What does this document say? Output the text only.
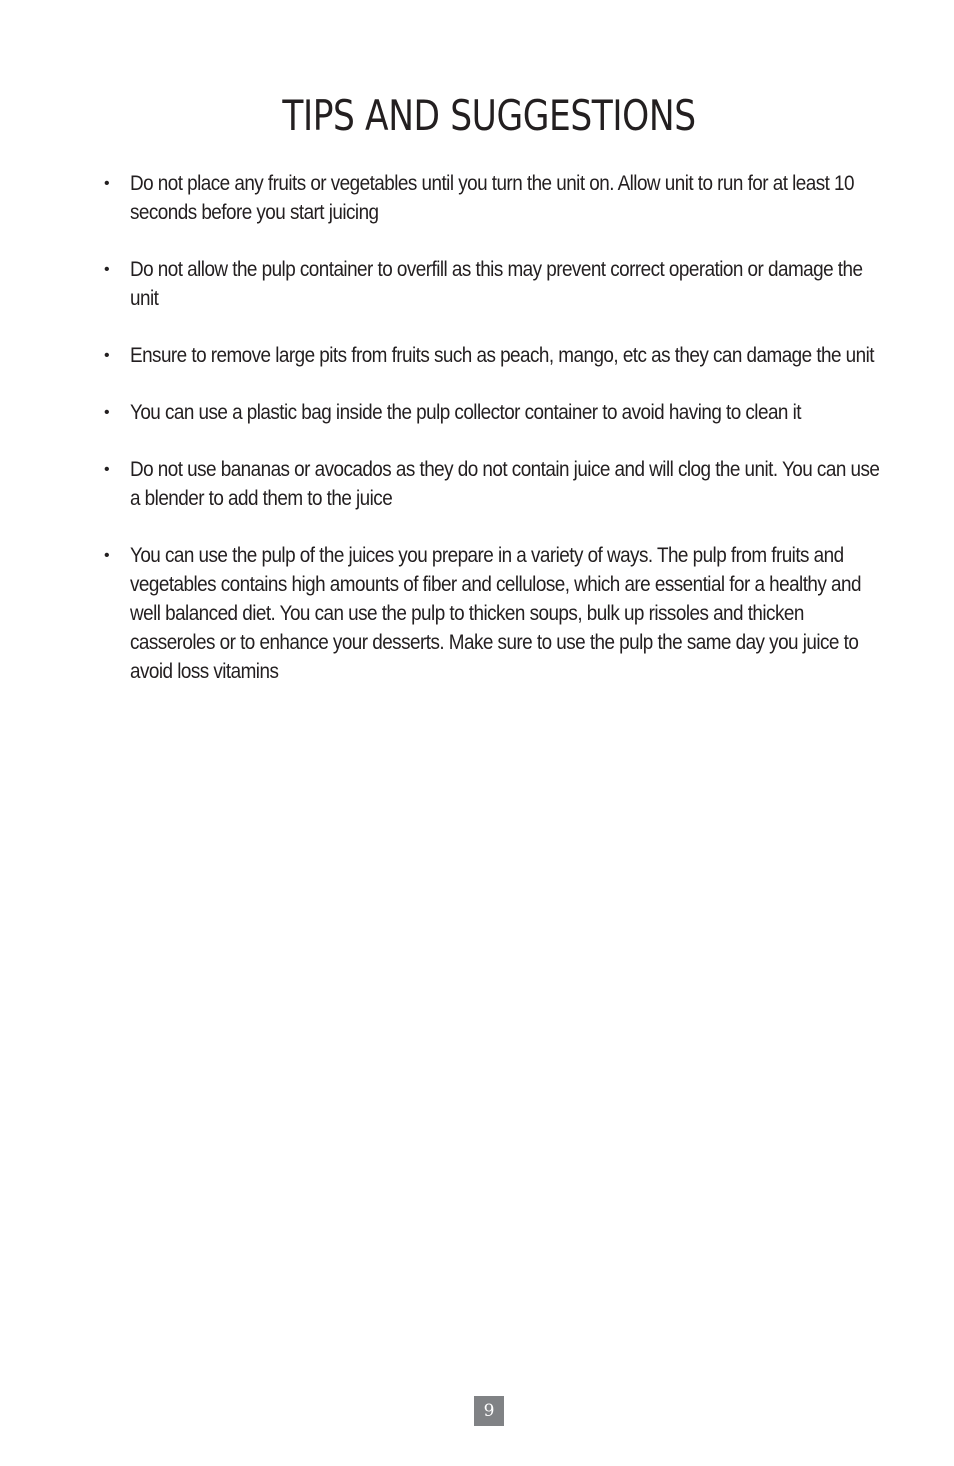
TIPS AND SUGGESTIONS
• Do not place any fruits or vegetables until you turn the unit on. Allow unit to run for at least 10 seconds before you start juicing
• Do not allow the pulp container to overfill as this may prevent correct operation or damage the unit
• Ensure to remove large pits from fruits such as peach, mango, etc as they can damage the unit
• You can use a plastic bag inside the pulp collector container to avoid having to clean it
• Do not use bananas or avocados as they do not contain juice and will clog the unit. You can use a blender to add them to the juice
• You can use the pulp of the juices you prepare in a variety of ways. The pulp from fruits and vegetables contains high amounts of fiber and cellulose, which are essential for a healthy and well balanced diet. You can use the pulp to thicken soups, bulk up rissoles and thicken casseroles or to enhance your desserts. Make sure to use the pulp the same day you juice to avoid loss vitamins
9
